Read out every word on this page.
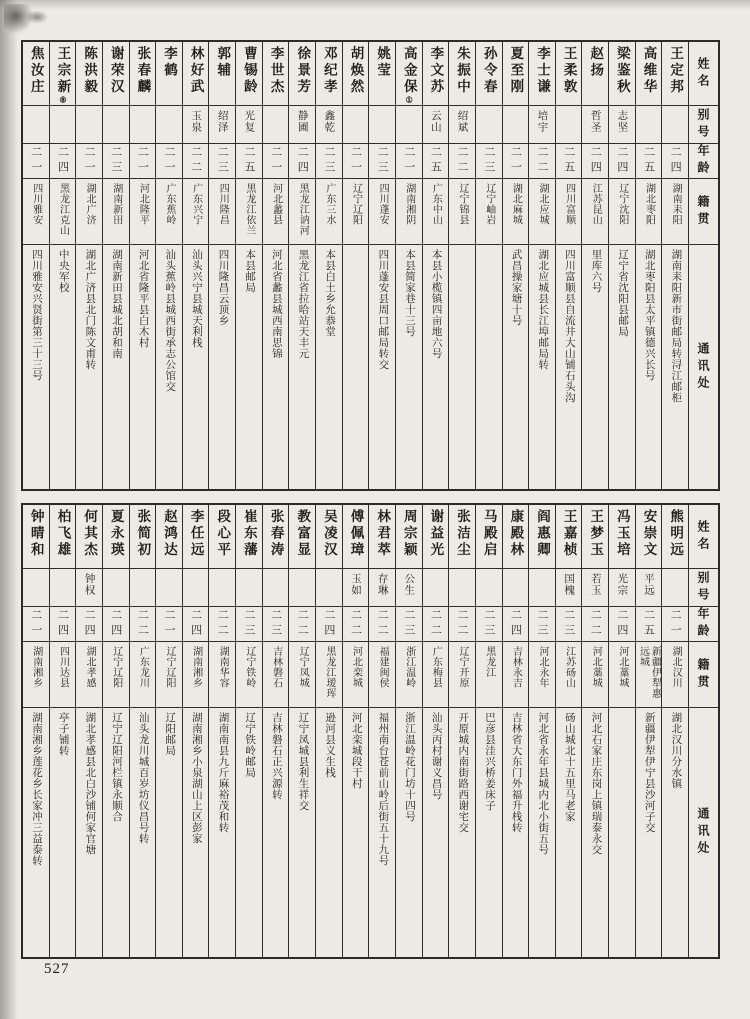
姓名
别号
年龄
籍贯
通讯处
王定邦
二四
湖南耒阳
湖南耒阳新市街邮局转浔江邮柜
高维华
二五
湖北枣阳
湖北枣阳县太平镇德兴长号
梁鉴秋
志坚
二四
辽宁沈阳
辽宁省沈阳县邮局
赵扬
哲圣
二四
江苏昆山
里库六号
王柔敦
二五
四川富顺
四川富顺县自流井大山铺石头沟
李士谦
培宇
二二
湖北应城
湖北应城县长江埠邮局转
夏至刚
二一
湖北麻城
武昌操家塘十号
孙令春
二三
辽宁岫岩
朱振中
绍斌
二二
辽宁锦县
李文苏
云山
二五
广东中山
本县小榄镇四亩地六号
高金保①
二一
湖南湘阴
本县简家巷十三号
姚莹
二三
四川蓬安
四川蓬安县周口邮局转交
胡焕然
二一
辽宁辽阳
邓纪孝
鑫乾
二三
广东三水
本县白土乡允恭堂
徐景芳
静圃
二四
黑龙江讷河
黑龙江省拉哈站天丰元
李世杰
二一
河北蠡县
河北省蠡县城西南思锦
曹锡龄
光复
二五
黑龙江依兰
本县邮局
郭辅
绍泽
二三
四川隆昌
四川隆昌云顶乡
林好武
玉泉
二二
广东兴宁
汕头兴宁县城天利栈
李鹤
二一
广东蕉岭
汕头蕉岭县城西街承志公馆交
张春麟
二一
河北隆平
河北省隆平县白木村
谢荣汉
二三
湖南新田
湖南新田县城北胡和南
陈洪毅
二一
湖北广济
湖北广济县北门陈文甫转
王宗新⑧
二四
黑龙江克山
中央军校
焦汝庄
二一
四川雅安
四川雅安兴贤街第三十三号
姓名
别号
年龄
籍贯
通讯处
熊明远
二一
湖北汉川
湖北汉川分水镇
安崇文
平远
二五
新疆伊犁惠远城
新疆伊犁伊宁县沙河子交
冯玉培
光宗
二四
河北藁城
王梦玉
若玉
二二
河北藁城
河北石家庄东岗上镇瑞泰永交
王嘉桢
国槐
二三
江苏砀山
砀山城北十五里马老家
阎惠卿
二三
河北永年
河北省永年县城内北小街五号
康殿林
二四
吉林永吉
吉林省大东门外福升栈转
马殿启
二三
黑龙江
巴彦县洼兴桥姜床子
张洁尘
二二
辽宁开原
开原城内南街路西谢宅交
谢益光
二二
广东梅县
汕头丙村谢义昌号
周宗颖
公生
二三
浙江温岭
浙江温岭花门坊十四号
林君萃
存琳
二二
福建闽侯
福州南台苍前山岭后街五十九号
傅佩璋
玉如
二二
河北栾城
河北栾城段干村
吴凌汉
二四
黑龙江瑷珲
逊河县义生栈
教富显
二二
辽宁凤城
辽宁凤城县利生祥交
张春涛
二三
吉林磐石
吉林磐石正兴源转
崔东藩
二三
辽宁铁岭
辽宁铁岭邮局
段心平
二二
湖南华容
湖南南县九斤麻裕茂和转
李任远
二四
湖南湘乡
湖南湘乡小泉湖山上区彭家
赵鸿达
二一
辽宁辽阳
辽阳邮局
张简初
二二
广东龙川
汕头龙川城百岁坊仪昌号转
夏永瑛
二四
辽宁辽阳
辽宁辽阳河栏镇永顺合
何其杰
钟权
二四
湖北孝感
湖北孝感县北白沙铺何家官塘
柏飞雄
二四
四川达县
亭子铺转
钟晴和
二一
湖南湘乡
湖南湘乡莲花乡长家冲三益泰转
527
